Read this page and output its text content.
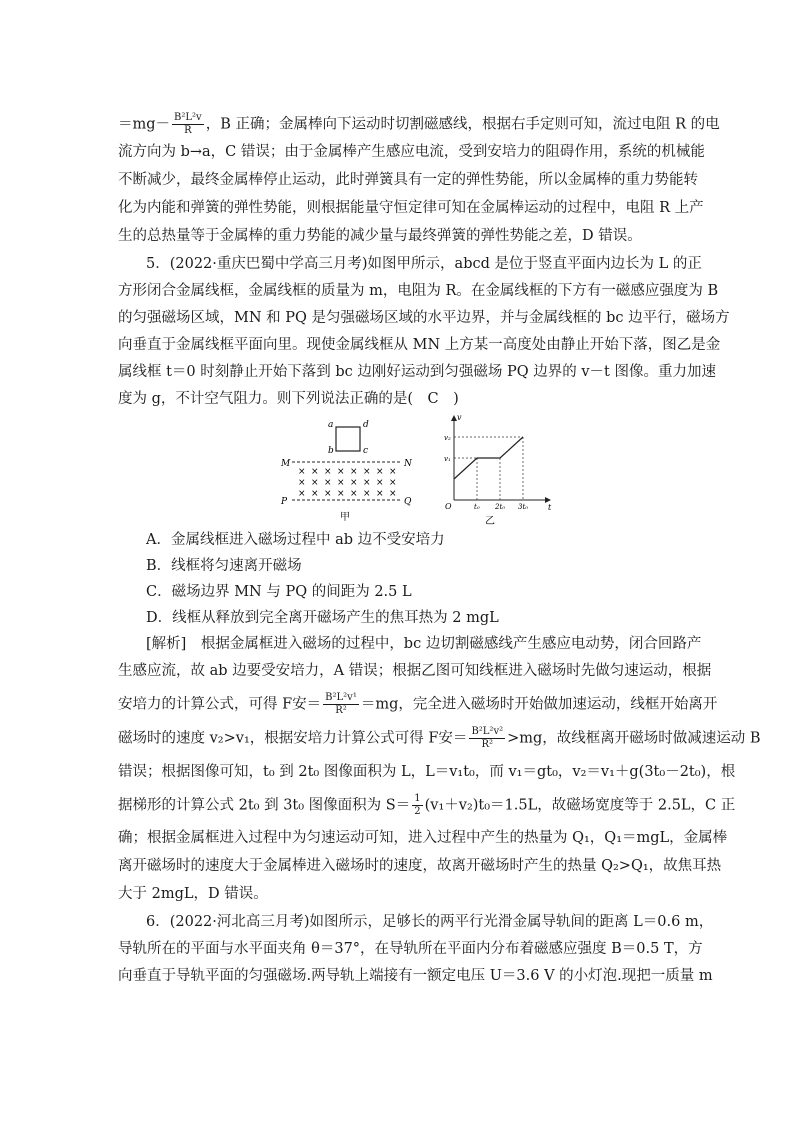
$=mg- \frac{\text{B²L²v}}{R}$ ，B 正确；金属棒向下运动时切割磁感线，根据右手定则可知，流过电阻 R 的电
流方向为 b→a，C 错误；由于金属棒产生感应电流，受到安培力的阻碍作用，系统的机械能
不断减少，最终金属棒停止运动，此时弹簧具有一定的弹性势能，所以金属棒的重力势能转
化为内能和弹簧的弹性势能，则根据能量守恒定律可知在金属棒运动的过程中，电阻 R 上产
生的总热量等于金属棒的重力势能的减少量与最终弹簧的弹性势能之差，D 错误。
5．(2022·重庆巴蜀中学高三月考)如图甲所示，abcd 是位于竖直平面内边长为 L 的正
方形闭合金属线框，金属线框的质量为 m，电阻为 R。在金属线框的下方有一磁感应强度为 B
的匀强磁场区域，MN 和 PQ 是匀强磁场区域的水平边界，并与金属线框的 bc 边平行，磁场方
向垂直于金属线框平面向里。现使金属线框从 MN 上方某一高度处由静止开始下落，图乙是金
属线框 t＝0 时刻静止开始下落到 bc 边刚好运动到匀强磁场 PQ 边界的 v－t 图像。重力加速
度为 g，不计空气阻力。则下列说法正确的是(　C　)
a	d
b	c
M	N
× × × × × × × ×
× × × × × × × ×
× × × × × × × ×
P	Q
甲
v
t
O
v₂
v₁
t₀ 2t₀ 3t₀
乙
A．金属线框进入磁场过程中 ab 边不受安培力
B．线框将匀速离开磁场
C．磁场边界 MN 与 PQ 的间距为 2.5 L
D．线框从释放到完全离开磁场产生的焦耳热为 2 mgL
[解析]　根据金属框进入磁场的过程中，bc 边切割磁感线产生感应电动势，闭合回路产
生感应流，故 ab 边要受安培力，A 错误；根据乙图可知线框进入磁场时先做匀速运动，根据
安培力的计算公式，可得 F安＝ $\frac{\text{B²L²v¹}}{\text{R²}} =mg$，完全进入磁场时开始做加速运动，线框开始离开
磁场时的速度 v₂>v₁，根据安培力计算公式可得 F安＝ $\frac{\text{B²L²v²}}{\text{R²}} >mg$，故线框离开磁场时做减速运动 B
错误；根据图像可知，t₀ 到 2t₀ 图像面积为 L，L＝v₁t₀，而 v₁＝gt₀，v₂＝v₁＋g(3t₀－2t₀)，根
据梯形的计算公式 2t₀ 到 3t₀ 图像面积为 $S= \frac{1}{2} (v_1+v_2)t_0=1.5L$，故磁场宽度等于 2.5L，C 正
确；根据金属框进入过程中为匀速运动可知，进入过程中产生的热量为 Q₁，Q₁＝mgL，金属棒
离开磁场时的速度大于金属棒进入磁场时的速度，故离开磁场时产生的热量 Q₂>Q₁，故焦耳热
大于 2mgL，D 错误。
6．(2022·河北高三月考)如图所示，足够长的两平行光滑金属导轨间的距离 L＝0.6 m，
导轨所在的平面与水平面夹角 θ＝37°，在导轨所在平面内分布着磁感应强度 B＝0.5 T，方
向垂直于导轨平面的匀强磁场.两导轨上端接有一额定电压 U＝3.6 V 的小灯泡.现把一质量 m
